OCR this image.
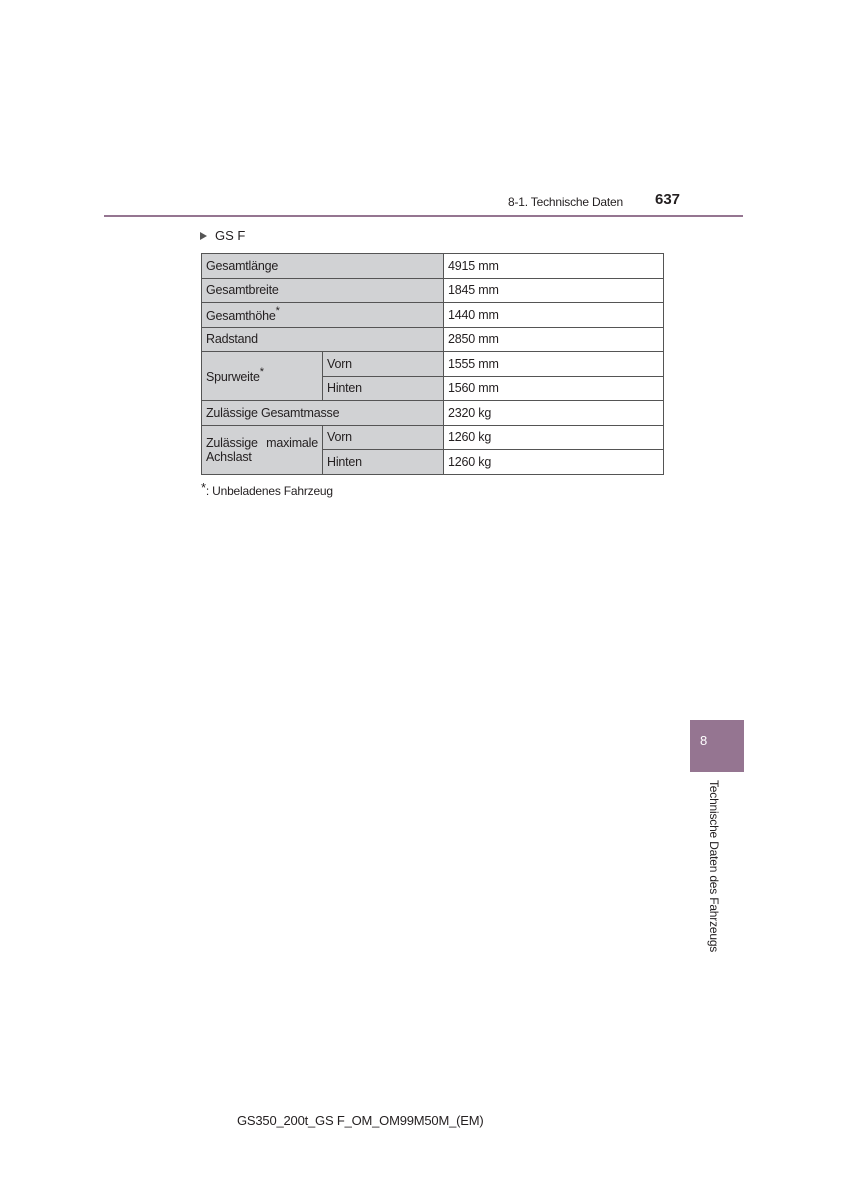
8-1. Technische Daten 637
GS F
Gesamtlänge		4915 mm
Gesamtbreite		1845 mm
Gesamthöhe*		1440 mm
Radstand		2850 mm
Spurweite*	Vorn	1555 mm
	Hinten	1560 mm
Zulässige Gesamtmasse		2320 kg

Zulässige maximale
Achslast	Vorn	1260 kg
	Hinten	1260 kg
*: Unbeladenes Fahrzeug
8
Technische Daten des Fahrzeugs
GS350_200t_GS F_OM_OM99M50M_(EM)
